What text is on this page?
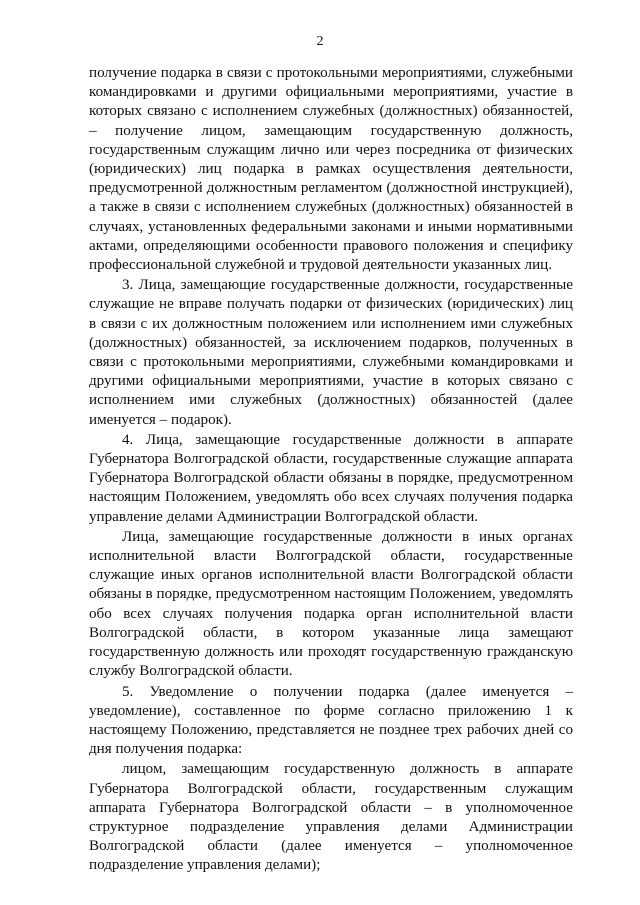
2

получение подарка в связи с протокольными мероприятиями, служебными командировками и другими официальными мероприятиями, участие в которых связано с исполнением служебных (должностных) обязанностей, – получение лицом, замещающим государственную должность, государственным служащим лично или через посредника от физических (юридических) лиц подарка в рамках осуществления деятельности, предусмотренной должностным регламентом (должностной инструкцией), а также в связи с исполнением служебных (должностных) обязанностей в случаях, установленных федеральными законами и иными нормативными актами, определяющими особенности правового положения и специфику профессиональной служебной и трудовой деятельности указанных лиц.

3. Лица, замещающие государственные должности, государственные служащие не вправе получать подарки от физических (юридических) лиц в связи с их должностным положением или исполнением ими служебных (должностных) обязанностей, за исключением подарков, полученных в связи с протокольными мероприятиями, служебными командировками и другими официальными мероприятиями, участие в которых связано с исполнением ими служебных (должностных) обязанностей (далее именуется – подарок).

4. Лица, замещающие государственные должности в аппарате Губернатора Волгоградской области, государственные служащие аппарата Губернатора Волгоградской области обязаны в порядке, предусмотренном настоящим Положением, уведомлять обо всех случаях получения подарка управление делами Администрации Волгоградской области.

Лица, замещающие государственные должности в иных органах исполнительной власти Волгоградской области, государственные служащие иных органов исполнительной власти Волгоградской области обязаны в порядке, предусмотренном настоящим Положением, уведомлять обо всех случаях получения подарка орган исполнительной власти Волгоградской области, в котором указанные лица замещают государственную должность или проходят государственную гражданскую службу Волгоградской области.

5. Уведомление о получении подарка (далее именуется – уведомление), составленное по форме согласно приложению 1 к настоящему Положению, представляется не позднее трех рабочих дней со дня получения подарка:

лицом, замещающим государственную должность в аппарате Губернатора Волгоградской области, государственным служащим аппарата Губернатора Волгоградской области – в уполномоченное структурное подразделение управления делами Администрации Волгоградской области (далее именуется – уполномоченное подразделение управления делами);
